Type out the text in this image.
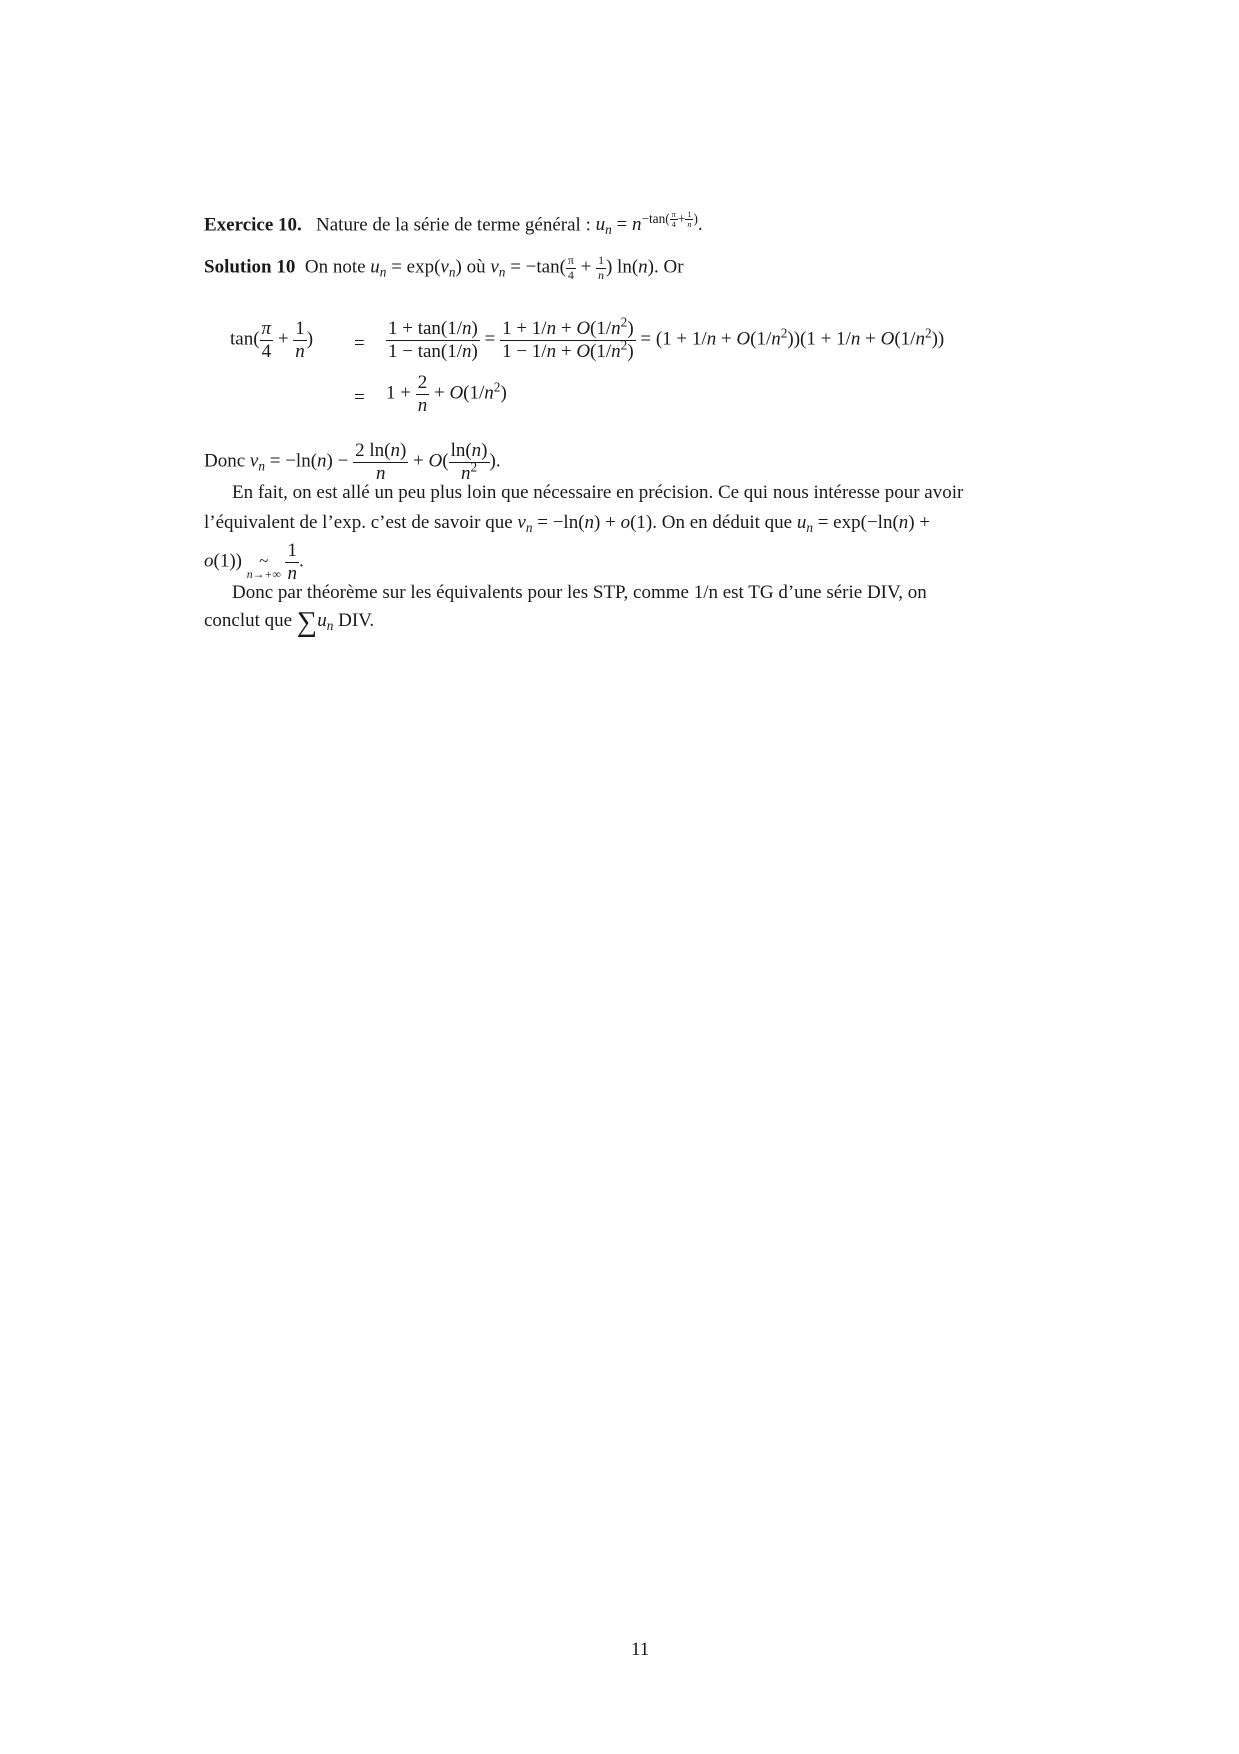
Exercice 10. Nature de la série de terme général : $u_n = n^{-tan( \frac{\pi}{4} + \frac{1}{n} )}$.
Solution 10 On note $u_n = \exp(v_n)$ où $v_n = -\tan( \frac{\pi}{4} + \frac{1}{n}$ ) ln(n). Or
$\tan( \frac{\pi}{4} + \frac{1}{n}$ ) = $\frac{1 + \tan(1/n)}{1 - \tan(1/n)} = \frac{1 + 1/n + O(1/n^2)}{1 - 1/n + O(1/n^2)} = (1 + 1/n + O(1/n^2))(1 + 1/n + O(1/n^2))$
= $1 + \frac{2}{n} + O(1/n^2)$
Donc $v_n = -\ln(n) - \frac{2 \ln(n)}{n} + O( \frac{\ln(n)}{n^2}$ ).
En fait, on est allé un peu plus loin que nécessaire en précision. Ce qui nous intéresse pour avoir
l’équivalent de l’exp. c’est de savoir que $v_n = -\ln(n) + o(1)$. On en déduit que $u_n = \exp(-\ln(n)$ +
o(1)) ~
n→+∞
$\frac{1}{n}$ .
Donc par théorème sur les équivalents pour les STP, comme 1/n est TG d’une série DIV, on
conclut que $\sum u_n$ DIV.
11
